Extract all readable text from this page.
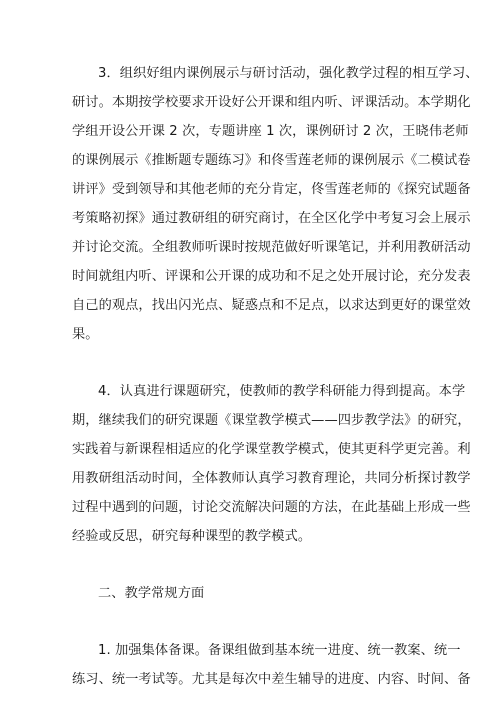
3．组织好组内课例展示与研讨活动，强化教学过程的相互学习、
研讨。本期按学校要求开设好公开课和组内听、评课活动。本学期化
学组开设公开课 2 次，专题讲座 1 次，课例研讨 2 次，王晓伟老师
的课例展示《推断题专题练习》和佟雪莲老师的课例展示《二模试卷
讲评》受到领导和其他老师的充分肯定，佟雪莲老师的《探究试题备
考策略初探》通过教研组的研究商讨，在全区化学中考复习会上展示
并讨论交流。全组教师听课时按规范做好听课笔记，并利用教研活动
时间就组内听、评课和公开课的成功和不足之处开展讨论，充分发表
自己的观点，找出闪光点、疑惑点和不足点，以求达到更好的课堂效
果。
4．认真进行课题研究，使教师的教学科研能力得到提高。本学
期，继续我们的研究课题《课堂教学模式——四步教学法》的研究，
实践着与新课程相适应的化学课堂教学模式，使其更科学更完善。利
用教研组活动时间，全体教师认真学习教育理论，共同分析探讨教学
过程中遇到的问题，讨论交流解决问题的方法，在此基础上形成一些
经验或反思，研究每种课型的教学模式。
二、教学常规方面
1. 加强集体备课。备课组做到基本统一进度、统一教案、统一
练习、统一考试等。尤其是每次中差生辅导的进度、内容、时间、备
